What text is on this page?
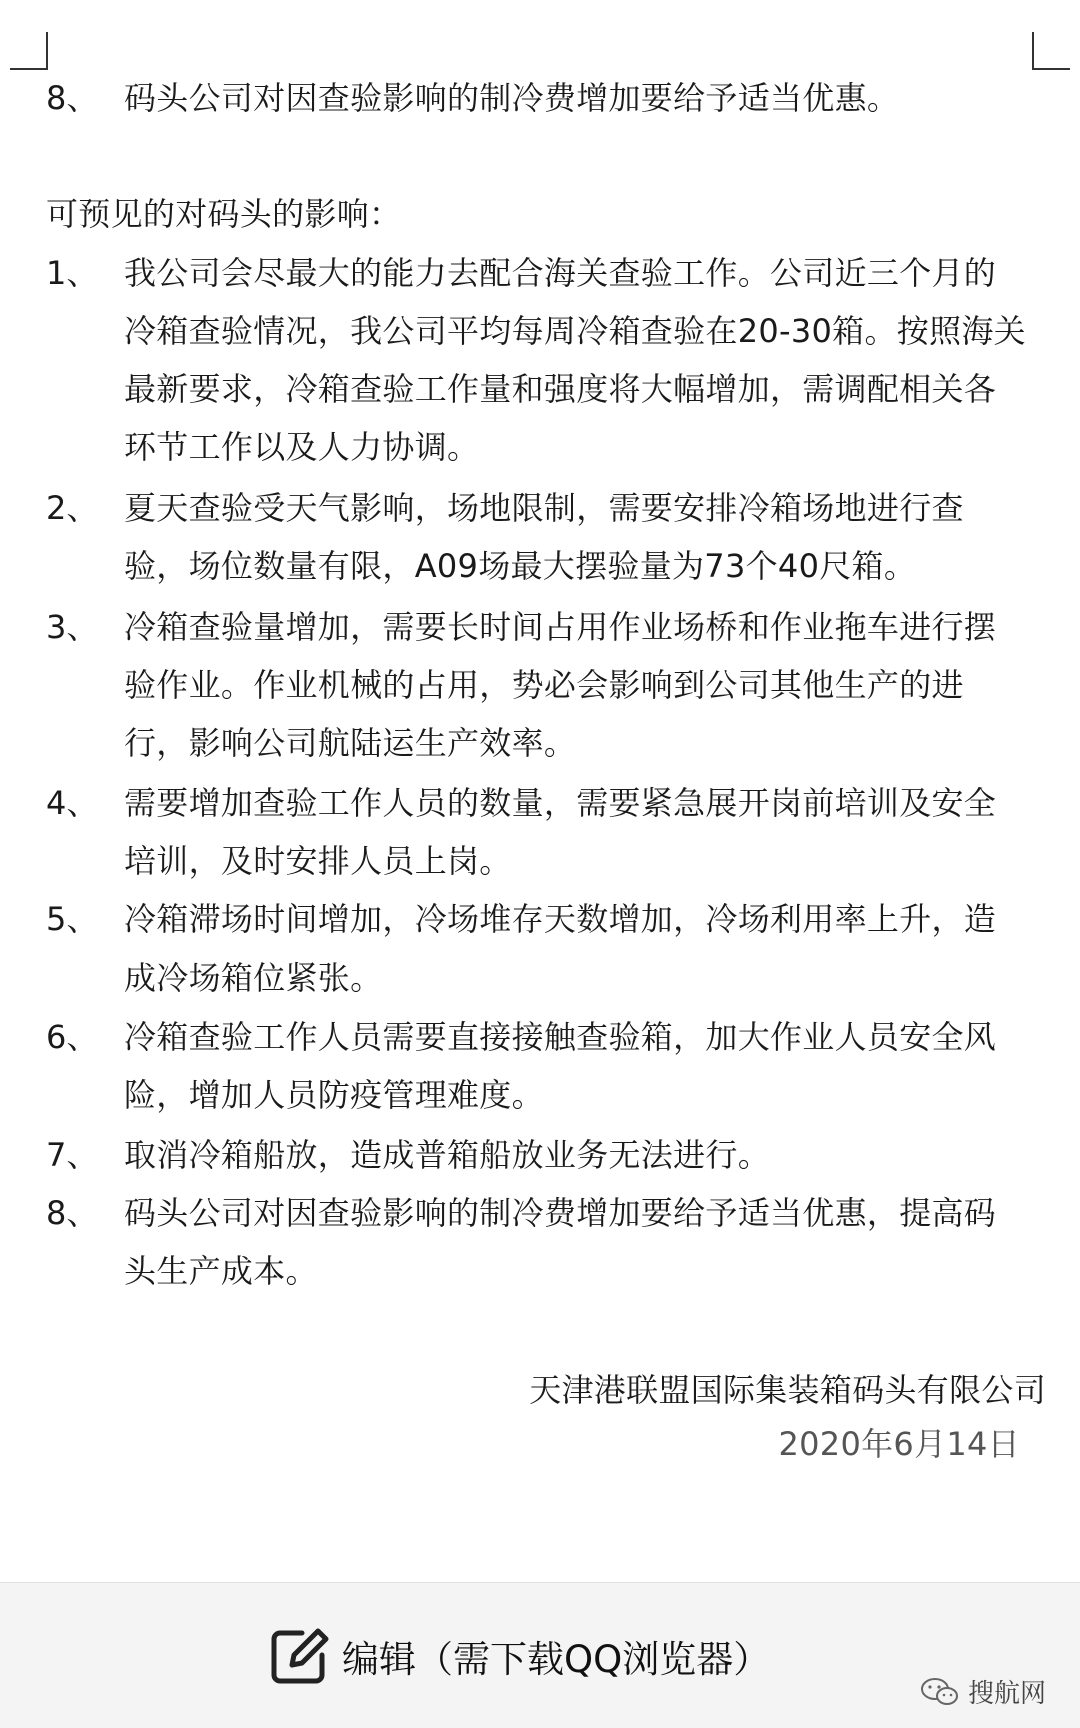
8、 码头公司对因查验影响的制冷费增加要给予适当优惠。
可预见的对码头的影响：
1、 我公司会尽最大的能力去配合海关查验工作。公司近三个月的
冷箱查验情况，我公司平均每周冷箱查验在20-30箱。按照海关
最新要求，冷箱查验工作量和强度将大幅增加，需调配相关各
环节工作以及人力协调。
2、 夏天查验受天气影响，场地限制，需要安排冷箱场地进行查
验，场位数量有限，A09场最大摆验量为73个40尺箱。
3、 冷箱查验量增加，需要长时间占用作业场桥和作业拖车进行摆
验作业。作业机械的占用，势必会影响到公司其他生产的进
行，影响公司航陆运生产效率。
4、 需要增加查验工作人员的数量，需要紧急展开岗前培训及安全
培训，及时安排人员上岗。
5、 冷箱滞场时间增加，冷场堆存天数增加，冷场利用率上升，造
成冷场箱位紧张。
6、 冷箱查验工作人员需要直接接触查验箱，加大作业人员安全风
险，增加人员防疫管理难度。
7、 取消冷箱船放，造成普箱船放业务无法进行。
8、 码头公司对因查验影响的制冷费增加要给予适当优惠，提高码
头生产成本。
天津港联盟国际集装箱码头有限公司
2020年6月14日
编辑（需下载QQ浏览器）
搜航网
